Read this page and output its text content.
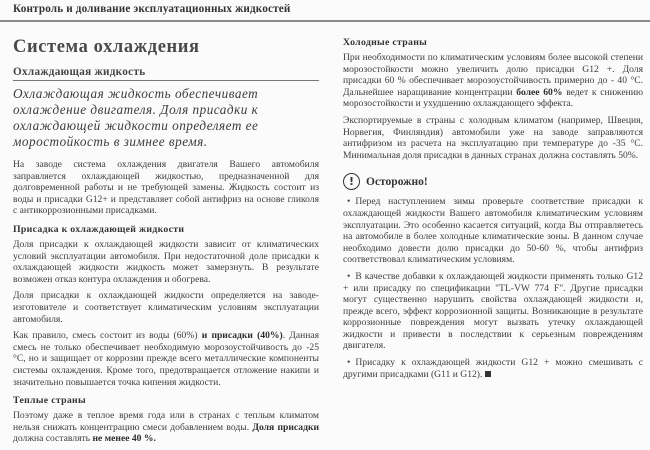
Контроль и доливание эксплуатационных жидкостей
Система охлаждения
Охлаждающая жидкость

Охлаждающая жидкость обеспечивает охлаждение двигателя. Доля присадки к охлаждающей жидкости определяет ее моростойкость в зимнее время.

На заводе система охлаждения двигателя Вашего автомобиля заправляется охлаждающей жидкостью, предназначенной для долговременной работы и не требующей замены. Жидкость состоит из воды и присадки G12+ и представляет собой антифриз на основе гликоля с антикоррозионными присадками.

Присадка к охлаждающей жидкости

Доля присадки к охлаждающей жидкости зависит от климатических условий эксплуатации автомобиля. При недостаточной доле присадки к охлаждающей жидкости жидкость может замерзнуть. В результате возможен отказ контура охлаждения и обогрева.

Доля присадки к охлаждающей жидкости определяется на заводе-изготовителе и соответствует климатическим условиям эксплуатации автомобиля.

Как правило, смесь состоит из воды (60%) и присадки (40%). Данная смесь не только обеспечивает необходимую морозоустойчивость до -25 °C, но и защищает от коррозии прежде всего металлические компоненты системы охлаждения. Кроме того, предотвращается отложение накипи и значительно повышается точка кипения жидкости.

Теплые страны

Поэтому даже в теплое время года или в странах с теплым климатом нельзя снижать концентрацию смеси добавлением воды. Доля присадки должна составлять не менее 40 %.

Холодные страны

При необходимости по климатическим условиям более высокой степени морозостойкости можно увеличить долю присадки G12 +. Доля присадки 60 % обеспечивает морозоустойчивость примерно до - 40 °C. Дальнейшее наращивание концентрации более 60% ведет к снижению морозостойкости и ухудшению охлаждающего эффекта.

Экспортируемые в страны с холодным климатом (например, Швеция, Норвегия, Финляндия) автомобили уже на заводе заправляются антифризом из расчета на эксплуатацию при температуре до -35 °C. Минимальная доля присадки в данных странах должна составлять 50%.

!	Осторожно!
• Перед наступлением зимы проверьте соответствие присадки к охлаждающей жидкости Вашего автомобиля климатическим условиям эксплуатации. Это особенно касается ситуаций, когда Вы отправляетесь на автомобиле в более холодные климатические зоны. В данном случае необходимо довести долю присадки до 50-60 %, чтобы антифриз соответствовал климатическим условиям.
• В качестве добавки к охлаждающей жидкости применять только G12 + или присадку по спецификации "TL-VW 774 F". Другие присадки могут существенно нарушить свойства охлаждающей жидкости и, прежде всего, эффект коррозионной защиты. Возникающие в результате коррозионные повреждения могут вызвать утечку охлаждающей жидкости и привести в последствии к серьезным повреждениям двигателя.
• Присадку к охлаждающей жидкости G12 + можно смешивать с другими присадками (G11 и G12).
